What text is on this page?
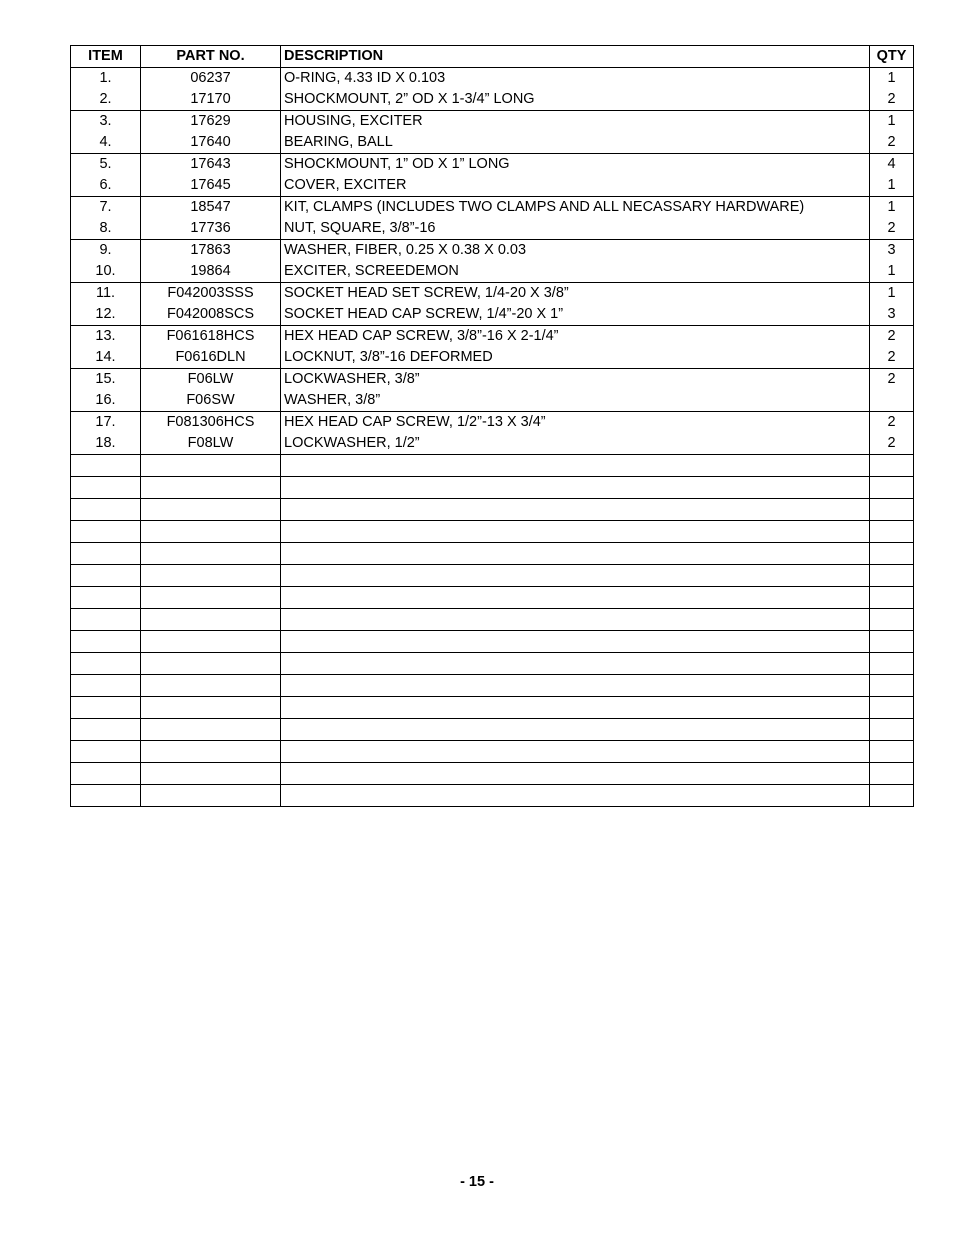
ITEM	PART NO.	DESCRIPTION	QTY
1.	06237	O-RING, 4.33 ID X 0.103	1
2.	17170	SHOCKMOUNT, 2” OD X 1-3/4” LONG	2
3.	17629	HOUSING, EXCITER	1
4.	17640	BEARING, BALL	2
5.	17643	SHOCKMOUNT, 1” OD X 1” LONG	4
6.	17645	COVER, EXCITER	1
7.	18547	KIT, CLAMPS (INCLUDES TWO CLAMPS AND ALL NECASSARY HARDWARE)	1
8.	17736	NUT, SQUARE, 3/8”-16	2
9.	17863	WASHER, FIBER, 0.25 X 0.38 X 0.03	3
10.	19864	EXCITER, SCREEDEMON	1
11.	F042003SSS	SOCKET HEAD SET SCREW, 1/4-20 X 3/8”	1
12.	F042008SCS	SOCKET HEAD CAP SCREW, 1/4”-20 X 1”	3
13.	F061618HCS	HEX HEAD CAP SCREW, 3/8”-16 X 2-1/4”	2
14.	F0616DLN	LOCKNUT, 3/8”-16 DEFORMED	2
15.	F06LW	LOCKWASHER, 3/8”	2
16.	F06SW	WASHER, 3/8”	
17.	F081306HCS	HEX HEAD CAP SCREW, 1/2”-13 X 3/4”	2
18.	F08LW	LOCKWASHER, 1/2”	2

- 15 -
